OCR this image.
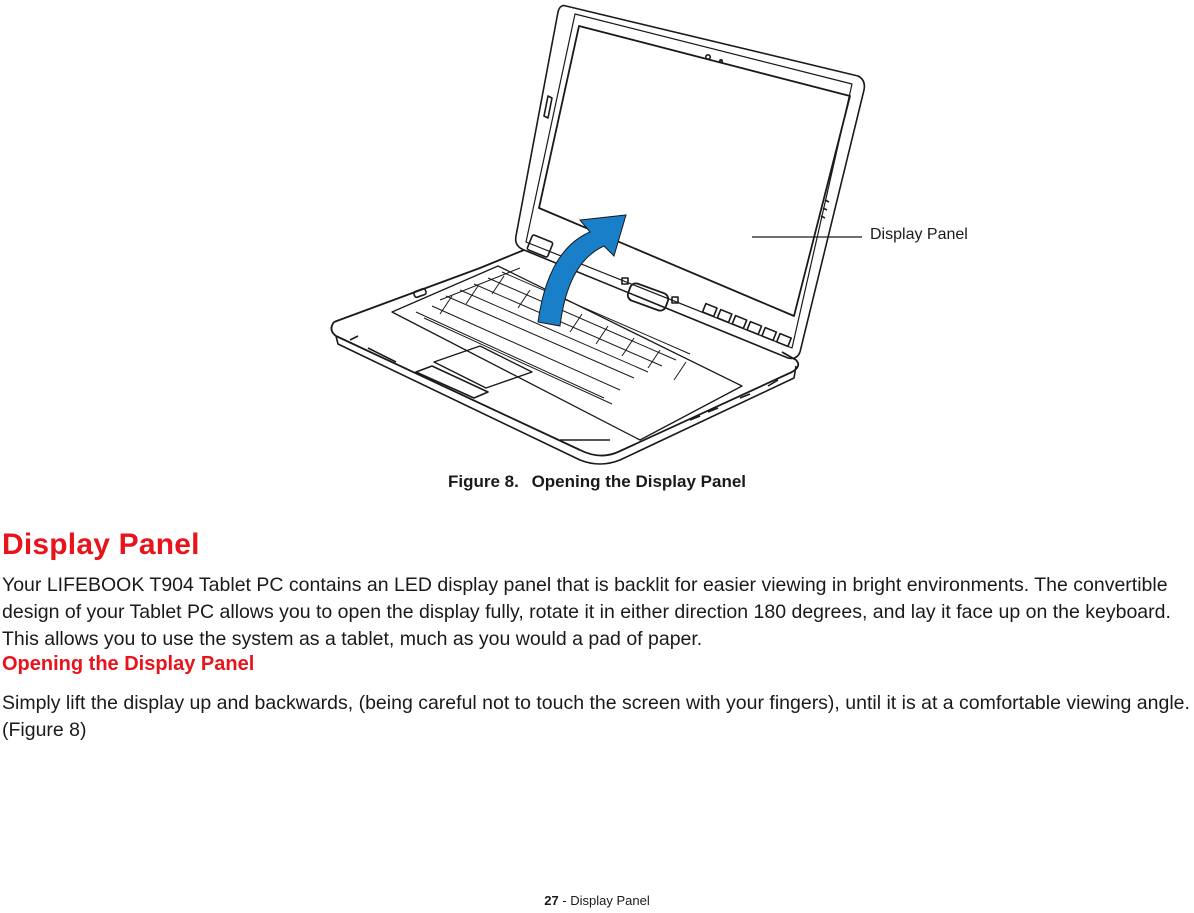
Display Panel
Figure 8. Opening the Display Panel
Display Panel

Your LIFEBOOK T904 Tablet PC contains an LED display panel that is backlit for easier viewing in bright environments. The convertible design of your Tablet PC allows you to open the display fully, rotate it in either direction 180 degrees, and lay it face up on the keyboard. This allows you to use the system as a tablet, much as you would a pad of paper.

Opening the Display Panel

Simply lift the display up and backwards, (being careful not to touch the screen with your fingers), until it is at a comfortable viewing angle. (Figure 8)

27 - Display Panel
